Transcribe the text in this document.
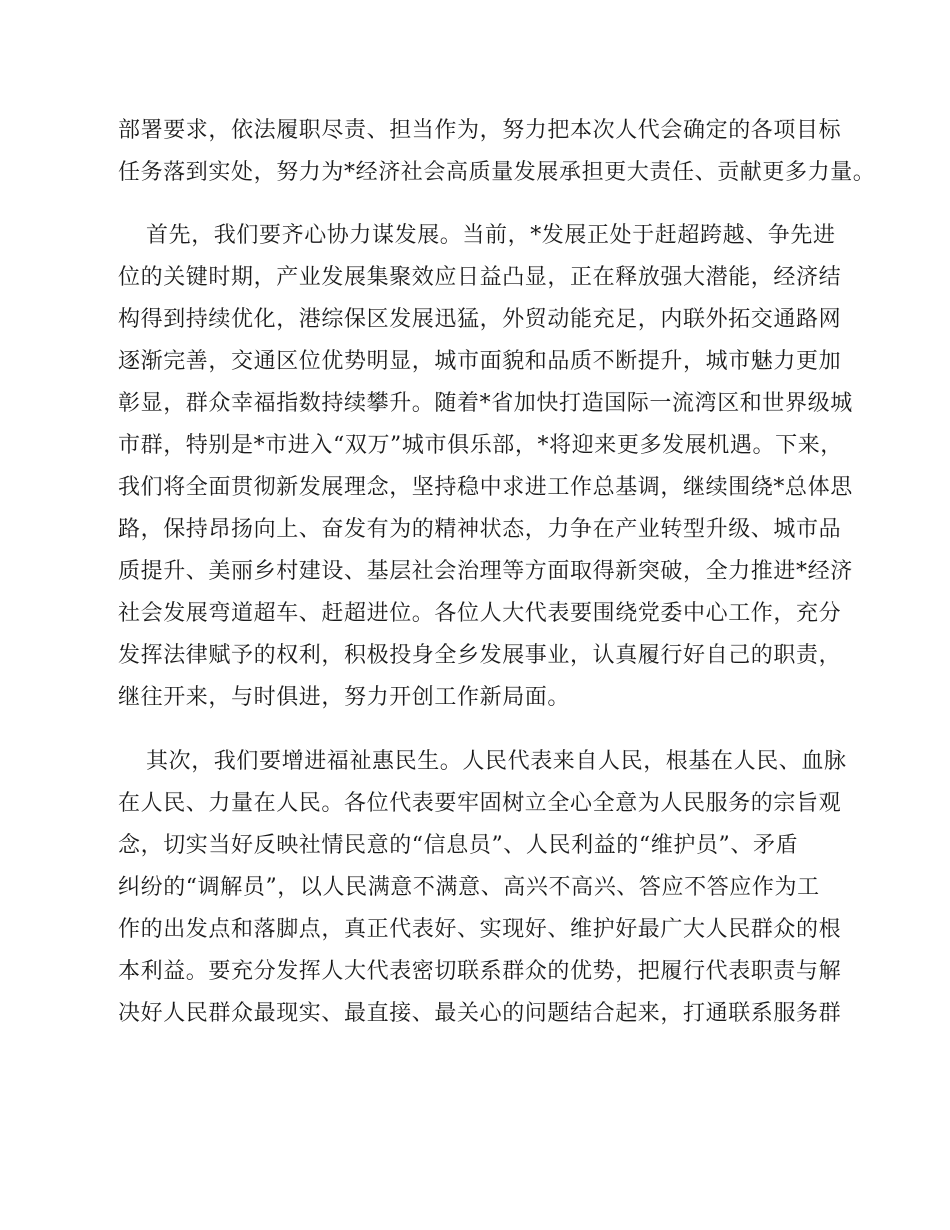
部署要求，依法履职尽责、担当作为，努力把本次人代会确定的各项目标

任务落到实处，努力为*经济社会高质量发展承担更大责任、贡献更多力量。

首先，我们要齐心协力谋发展。当前，*发展正处于赶超跨越、争先进

位的关键时期，产业发展集聚效应日益凸显，正在释放强大潜能，经济结

构得到持续优化，港综保区发展迅猛，外贸动能充足，内联外拓交通路网

逐渐完善，交通区位优势明显，城市面貌和品质不断提升，城市魅力更加

彰显，群众幸福指数持续攀升。随着*省加快打造国际一流湾区和世界级城

市群，特别是*市进入“双万”城市俱乐部，*将迎来更多发展机遇。下来，

我们将全面贯彻新发展理念，坚持稳中求进工作总基调，继续围绕*总体思

路，保持昂扬向上、奋发有为的精神状态，力争在产业转型升级、城市品

质提升、美丽乡村建设、基层社会治理等方面取得新突破，全力推进*经济

社会发展弯道超车、赶超进位。各位人大代表要围绕党委中心工作，充分

发挥法律赋予的权利，积极投身全乡发展事业，认真履行好自己的职责，

继往开来，与时俱进，努力开创工作新局面。

其次，我们要增进福祉惠民生。人民代表来自人民，根基在人民、血脉

在人民、力量在人民。各位代表要牢固树立全心全意为人民服务的宗旨观

念，切实当好反映社情民意的“信息员”、人民利益的“维护员”、矛盾

纠纷的“调解员”，以人民满意不满意、高兴不高兴、答应不答应作为工

作的出发点和落脚点，真正代表好、实现好、维护好最广大人民群众的根

本利益。要充分发挥人大代表密切联系群众的优势，把履行代表职责与解

决好人民群众最现实、最直接、最关心的问题结合起来，打通联系服务群
